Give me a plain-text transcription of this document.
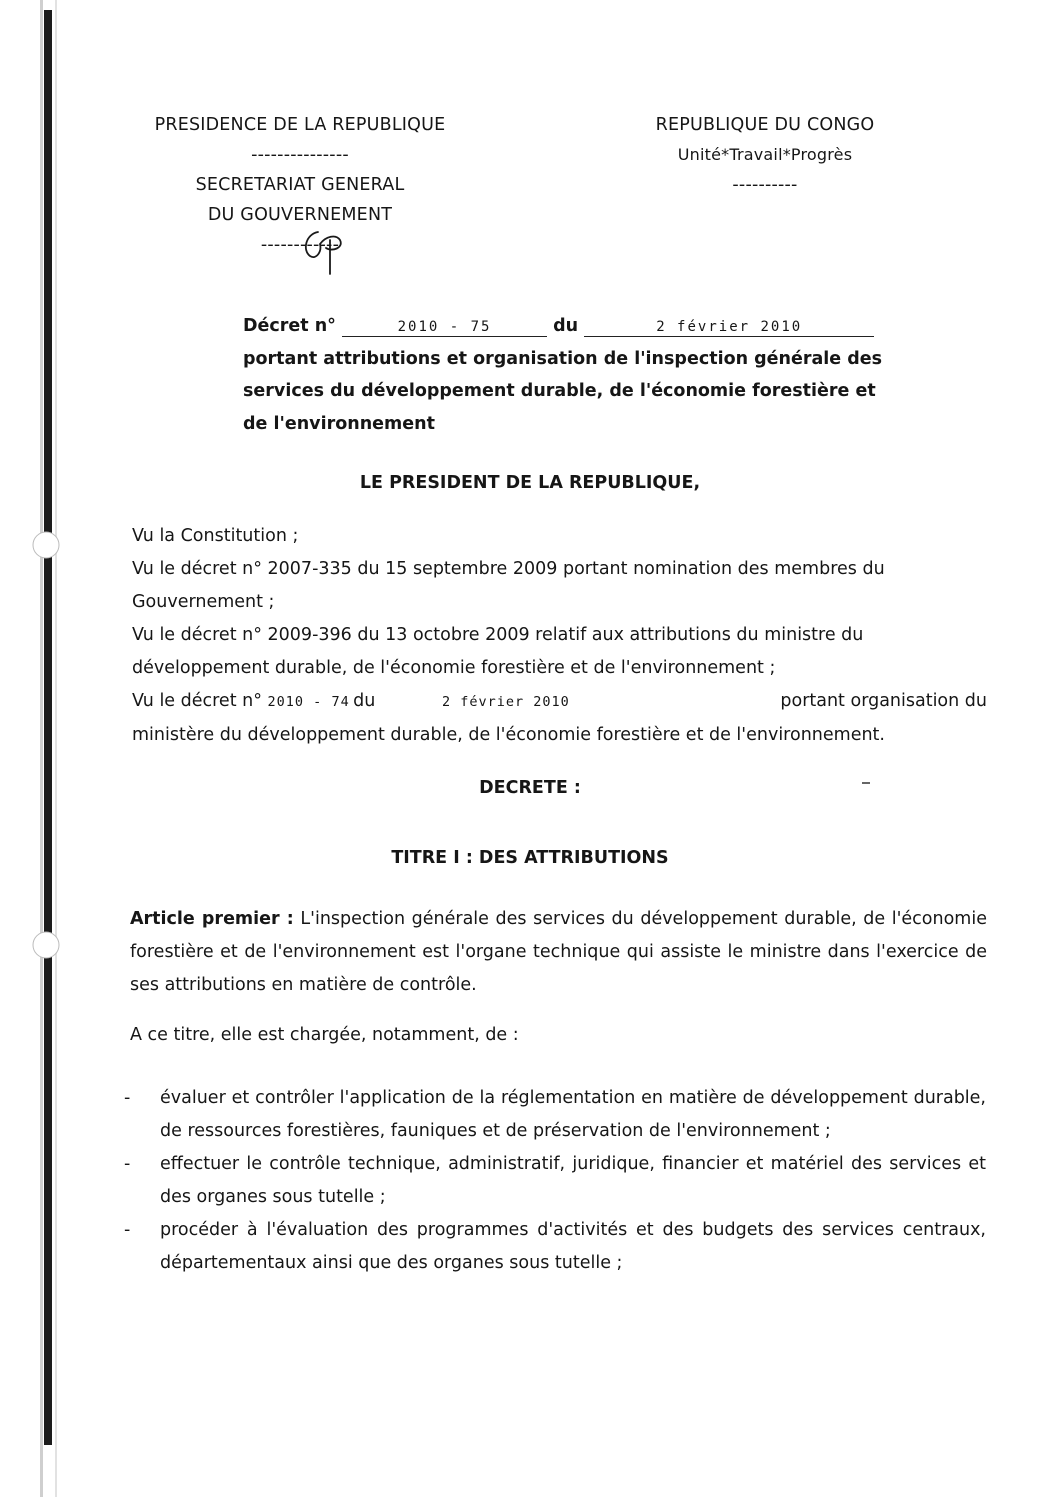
PRESIDENCE DE LA REPUBLIQUE
---------------
SECRETARIAT GENERAL
DU GOUVERNEMENT
------------
REPUBLIQUE DU CONGO
Unité*Travail*Progrès
----------
Décret n°	2010 - 75	du	2 février 2010
portant attributions et organisation de l'inspection générale des
services du développement durable, de l'économie forestière et
de l'environnement
LE PRESIDENT DE LA REPUBLIQUE,
Vu la Constitution ;
Vu le décret n° 2007-335 du 15 septembre 2009 portant nomination des membres du
Gouvernement ;
Vu le décret n° 2009-396 du 13 octobre 2009 relatif aux attributions du ministre du
développement durable, de l'économie forestière et de l'environnement ;
Vu le décret n° 2010 - 74 du	2 février 2010	portant organisation du
ministère du développement durable, de l'économie forestière et de l'environnement.
DECRETE :
TITRE I : DES ATTRIBUTIONS
Article premier : L'inspection générale des services du développement durable, de l'économie forestière et de l'environnement est l'organe technique qui assiste le ministre dans l'exercice de ses attributions en matière de contrôle.
A ce titre, elle est chargée, notamment, de :
- évaluer et contrôler l'application de la réglementation en matière de développement durable, de ressources forestières, fauniques et de préservation de l'environnement ;
- effectuer le contrôle technique, administratif, juridique, financier et matériel des services et des organes sous tutelle ;
- procéder à l'évaluation des programmes d'activités et des budgets des services centraux, départementaux ainsi que des organes sous tutelle ;
